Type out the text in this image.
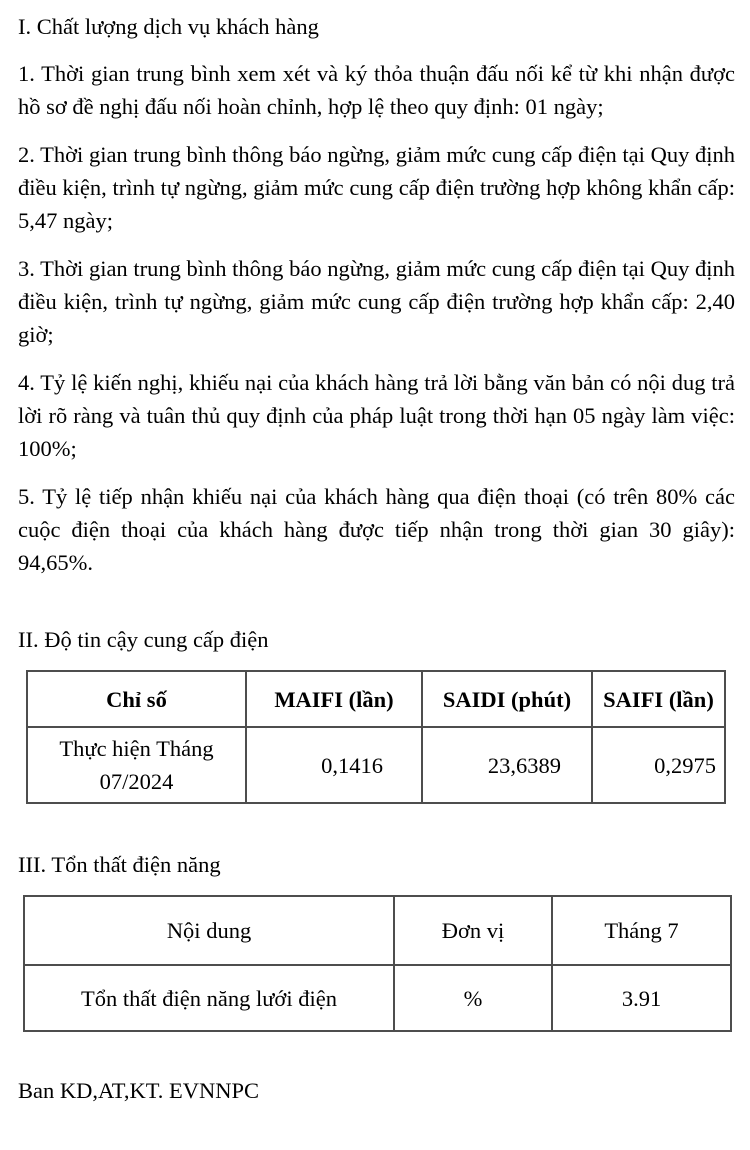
I. Chất lượng dịch vụ khách hàng

1. Thời gian trung bình xem xét và ký thỏa thuận đấu nối kể từ khi nhận được hồ sơ đề nghị đấu nối hoàn chỉnh, hợp lệ theo quy định: 01 ngày;

2. Thời gian trung bình thông báo ngừng, giảm mức cung cấp điện tại Quy định điều kiện, trình tự ngừng, giảm mức cung cấp điện trường hợp không khẩn cấp: 5,47 ngày;

3. Thời gian trung bình thông báo ngừng, giảm mức cung cấp điện tại Quy định điều kiện, trình tự ngừng, giảm mức cung cấp điện trường hợp khẩn cấp: 2,40 giờ;

4. Tỷ lệ kiến nghị, khiếu nại của khách hàng trả lời bằng văn bản có nội dug trả lời rõ ràng và tuân thủ quy định của pháp luật trong thời hạn 05 ngày làm việc: 100%;

5. Tỷ lệ tiếp nhận khiếu nại của khách hàng qua điện thoại (có trên 80% các cuộc điện thoại của khách hàng được tiếp nhận trong thời gian 30 giây): 94,65%.

II. Độ tin cậy cung cấp điện

Chỉ số	MAIFI (lần)	SAIDI (phút)	SAIFI (lần)
Thực hiện Tháng 07/2024	0,1416	23,6389	0,2975

III. Tổn thất điện năng

Nội dung	Đơn vị	Tháng 7
Tổn thất điện năng lưới điện	%	3.91

Ban KD,AT,KT. EVNNPC
